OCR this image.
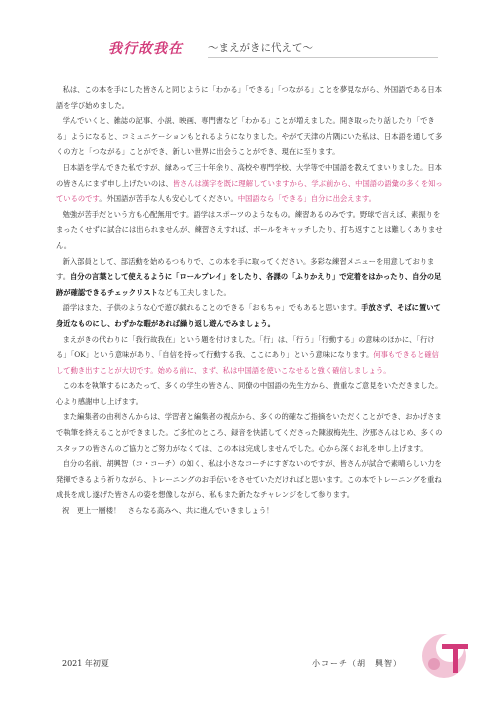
我行故我在 ～まえがきに代えて～

私は、この本を手にした皆さんと同じように「わかる」「できる」「つながる」ことを夢見ながら、外国語である日本語を学び始めました。

学んでいくと、雑誌の記事、小説、映画、専門書など「わかる」ことが増えました。開き取ったり話したり「できる」ようになると、コミュニケーションもとれるようになりました。やがて天津の片隅にいた私は、日本語を通して多くの方と「つながる」ことができ、新しい世界に出会うことができ、現在に至ります。

日本語を学んできた私ですが、縁あって三十年余り、高校や専門学校、大学等で中国語を教えてまいりました。日本の皆さんにまず申し上げたいのは、皆さんは漢字を既に理解していますから、学ぶ前から、中国語の語彙の多くを知っているのです。外国語が苦手な人も安心してください。中国語なら「できる」自分に出会えます。

勉強が苦手だという方も心配無用です。語学はスポーツのようなもの。練習あるのみです。野球で言えば、素振りをまったくせずに試合には出られませんが、練習さえすれば、ボールをキャッチしたり、打ち返すことは難しくありません。

新入部員として、部活動を始めるつもりで、この本を手に取ってください。多彩な練習メニューを用意しております。自分の言葉として使えるように「ロールプレイ」をしたり、各課の「ふりかえり」で定着をはかったり、自分の足跡が確認できるチェックリストなども工夫しました。

語学はまた、子供のような心で遊び戯れることのできる「おもちゃ」でもあると思います。手放さず、そばに置いて身近なものにし、わずかな暇があれば繰り返し遊んでみましょう。

まえがきの代わりに「我行故我在」という題を付けました。「行」は、「行う」「行動する」の意味のほかに、「行ける」「OK」という意味があり、「自信を持って行動する我、ここにあり」という意味になります。何事もできると確信して動き出すことが大切です。始める前に、まず、私は中国語を使いこなせると強く確信しましょう。

この本を執筆するにあたって、多くの学生の皆さん、同僚の中国語の先生方から、貴重なご意見をいただきました。心より感謝申し上げます。

また編集者の由利さんからは、学習者と編集者の視点から、多くの的確なご指摘をいただくことができ、おかげさまで執筆を終えることができました。ご多忙のところ、録音を快諾してくださった陳淑梅先生、汐那さんはじめ、多くのスタッフの皆さんのご協力とご努力がなくては、この本は完成しませんでした。心から深くお礼を申し上げます。

自分の名前、胡興智（コ・コーチ）の如く、私は小さなコーチにすぎないのですが、皆さんが試合で素晴らしい力を発揮できるよう祈りながら、トレーニングのお手伝いをさせていただければと思います。この本でトレーニングを重ね成長を成し遂げた皆さんの姿を想像しながら、私もまた新たなチャレンジをして参ります。

祝　更上一層楼！　さらなる高みへ、共に進んでいきましょう！

2021 年初夏	小コーチ（胡　興智）
